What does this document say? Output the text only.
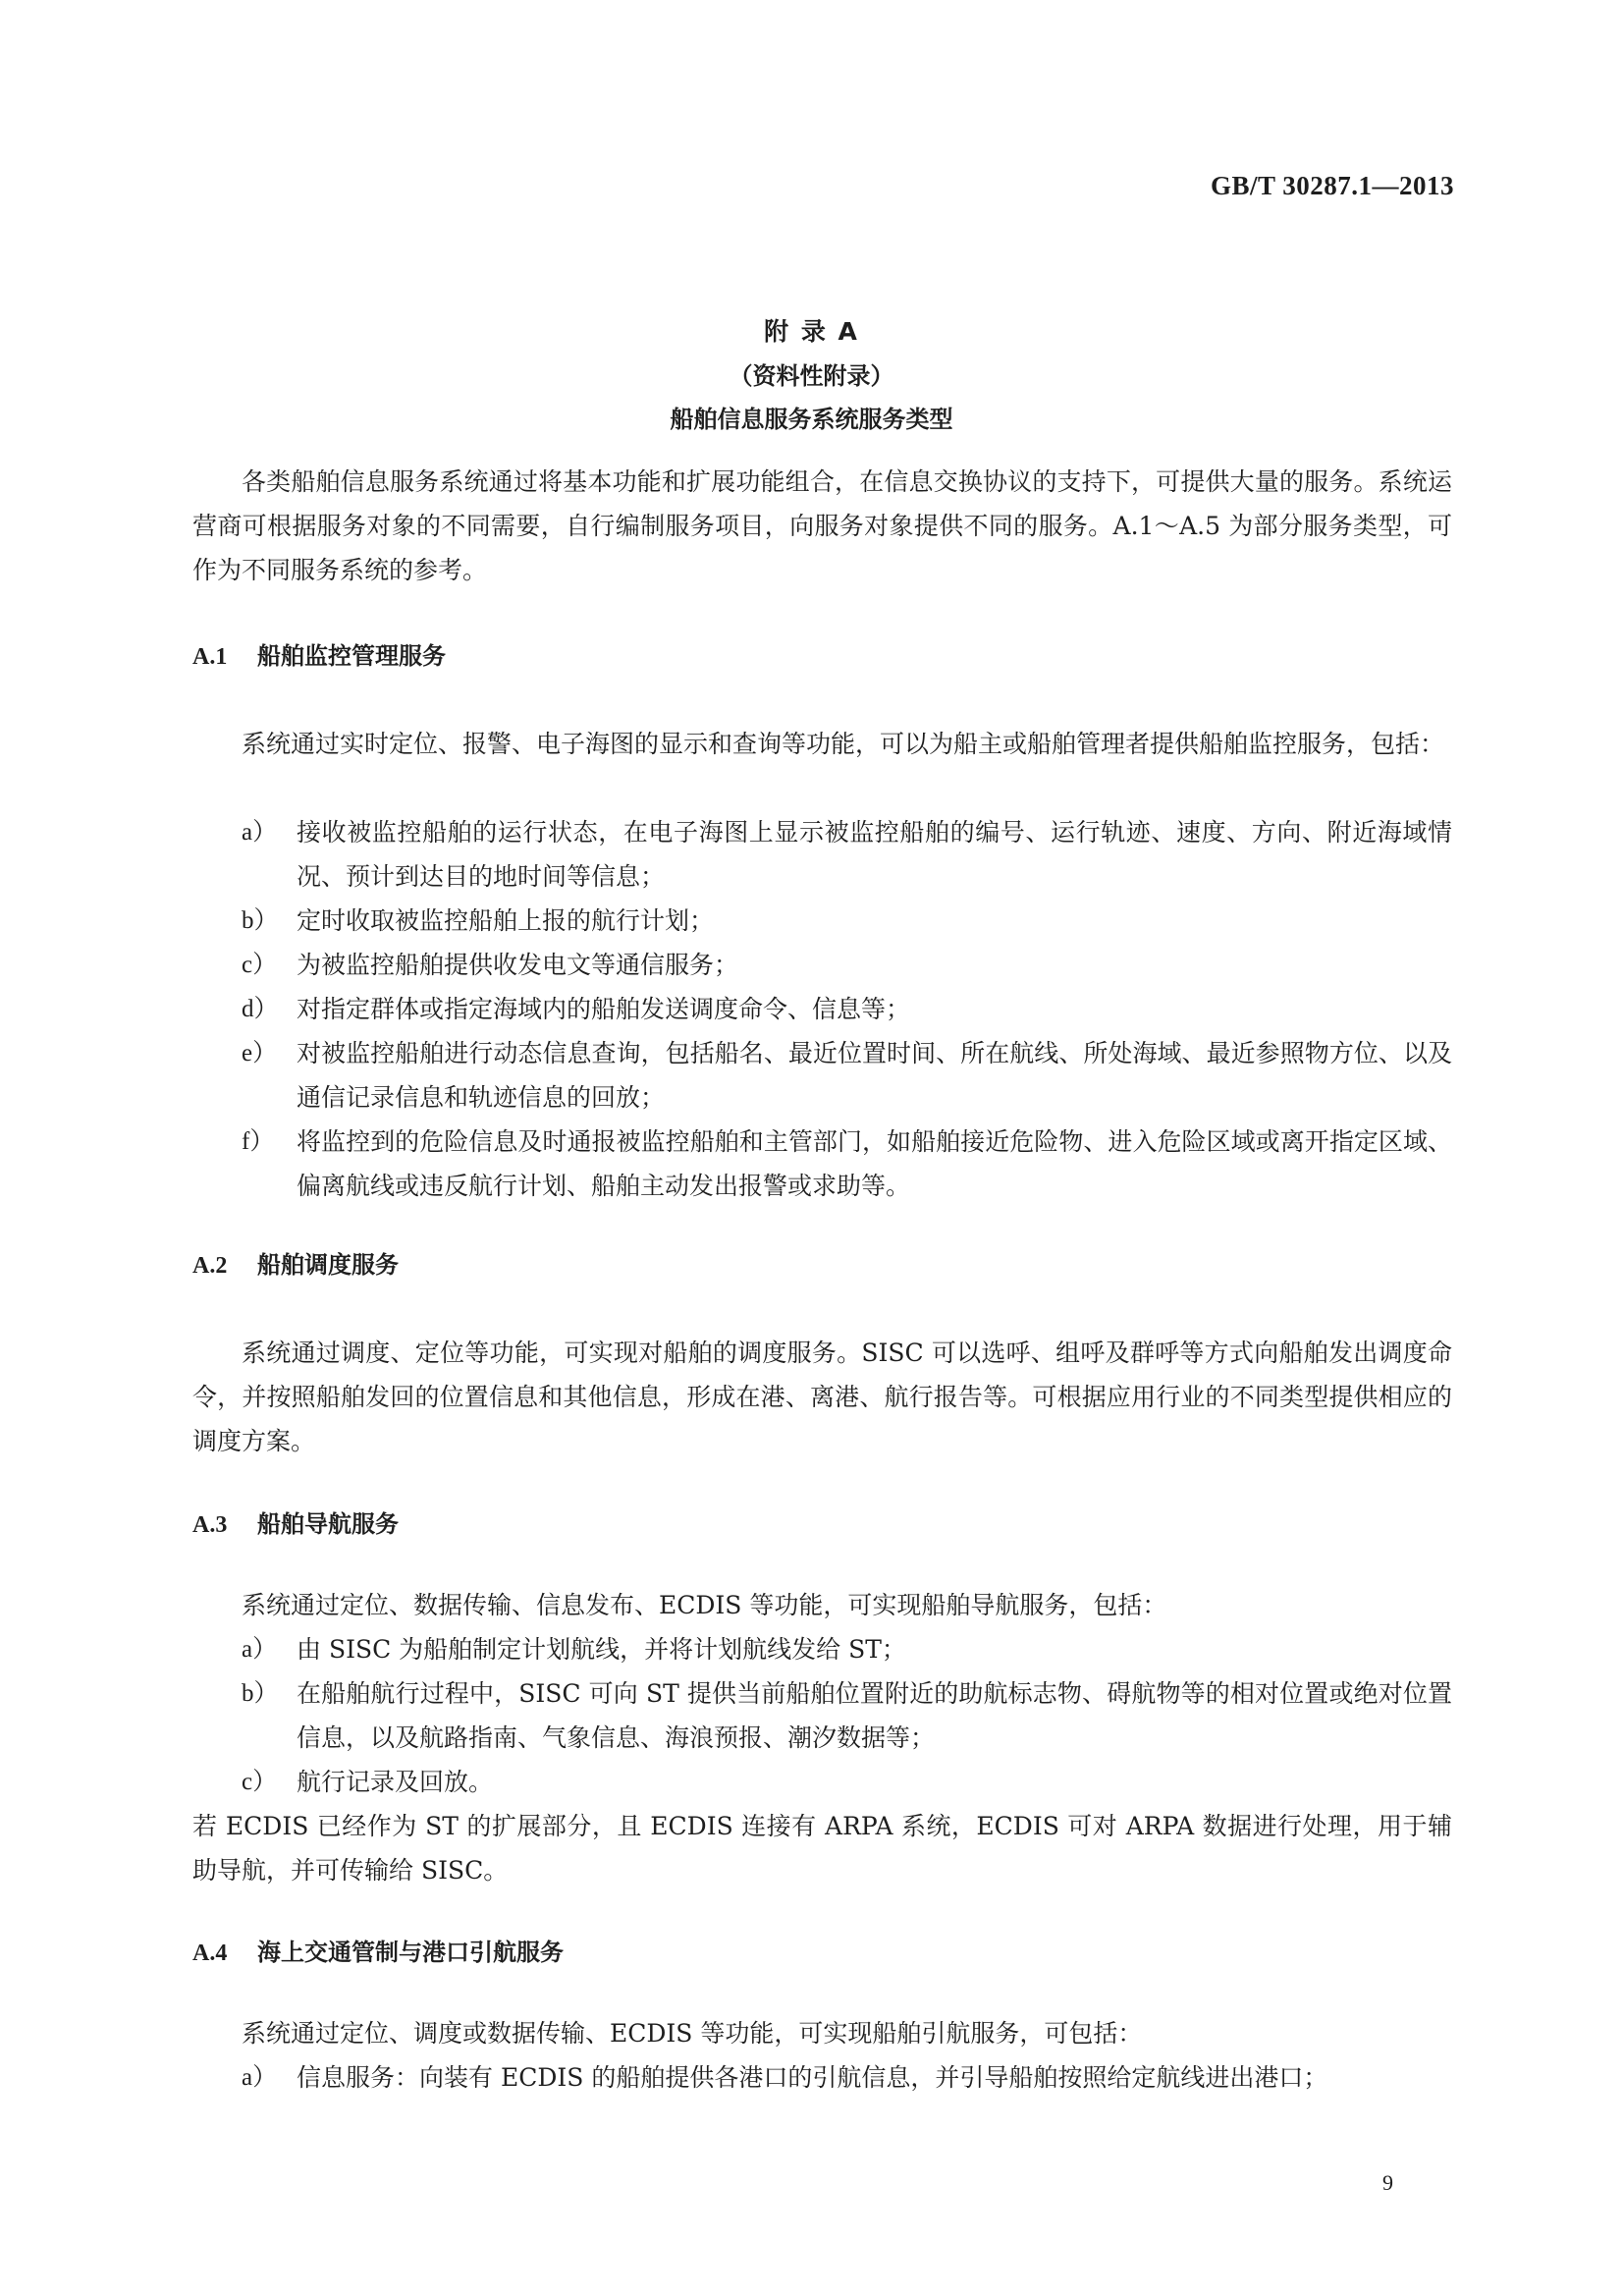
GB/T 30287.1—2013
附 录 A
（资料性附录）
船舶信息服务系统服务类型
各类船舶信息服务系统通过将基本功能和扩展功能组合，在信息交换协议的支持下，可提供大量的服务。系统运营商可根据服务对象的不同需要，自行编制服务项目，向服务对象提供不同的服务。A.1～A.5 为部分服务类型，可作为不同服务系统的参考。
A.1 船舶监控管理服务
系统通过实时定位、报警、电子海图的显示和查询等功能，可以为船主或船舶管理者提供船舶监控服务，包括：
a） 接收被监控船舶的运行状态，在电子海图上显示被监控船舶的编号、运行轨迹、速度、方向、附近海域情况、预计到达目的地时间等信息；
b） 定时收取被监控船舶上报的航行计划；
c） 为被监控船舶提供收发电文等通信服务；
d） 对指定群体或指定海域内的船舶发送调度命令、信息等；
e） 对被监控船舶进行动态信息查询，包括船名、最近位置时间、所在航线、所处海域、最近参照物方位、以及通信记录信息和轨迹信息的回放；
f） 将监控到的危险信息及时通报被监控船舶和主管部门，如船舶接近危险物、进入危险区域或离开指定区域、偏离航线或违反航行计划、船舶主动发出报警或求助等。
A.2 船舶调度服务
系统通过调度、定位等功能，可实现对船舶的调度服务。SISC 可以选呼、组呼及群呼等方式向船舶发出调度命令，并按照船舶发回的位置信息和其他信息，形成在港、离港、航行报告等。可根据应用行业的不同类型提供相应的调度方案。
A.3 船舶导航服务
系统通过定位、数据传输、信息发布、ECDIS 等功能，可实现船舶导航服务，包括：
a） 由 SISC 为船舶制定计划航线，并将计划航线发给 ST；
b） 在船舶航行过程中，SISC 可向 ST 提供当前船舶位置附近的助航标志物、碍航物等的相对位置或绝对位置信息，以及航路指南、气象信息、海浪预报、潮汐数据等；
c） 航行记录及回放。
若 ECDIS 已经作为 ST 的扩展部分，且 ECDIS 连接有 ARPA 系统，ECDIS 可对 ARPA 数据进行处理，用于辅助导航，并可传输给 SISC。
A.4 海上交通管制与港口引航服务
系统通过定位、调度或数据传输、ECDIS 等功能，可实现船舶引航服务，可包括：
a） 信息服务：向装有 ECDIS 的船舶提供各港口的引航信息，并引导船舶按照给定航线进出港口；
9
